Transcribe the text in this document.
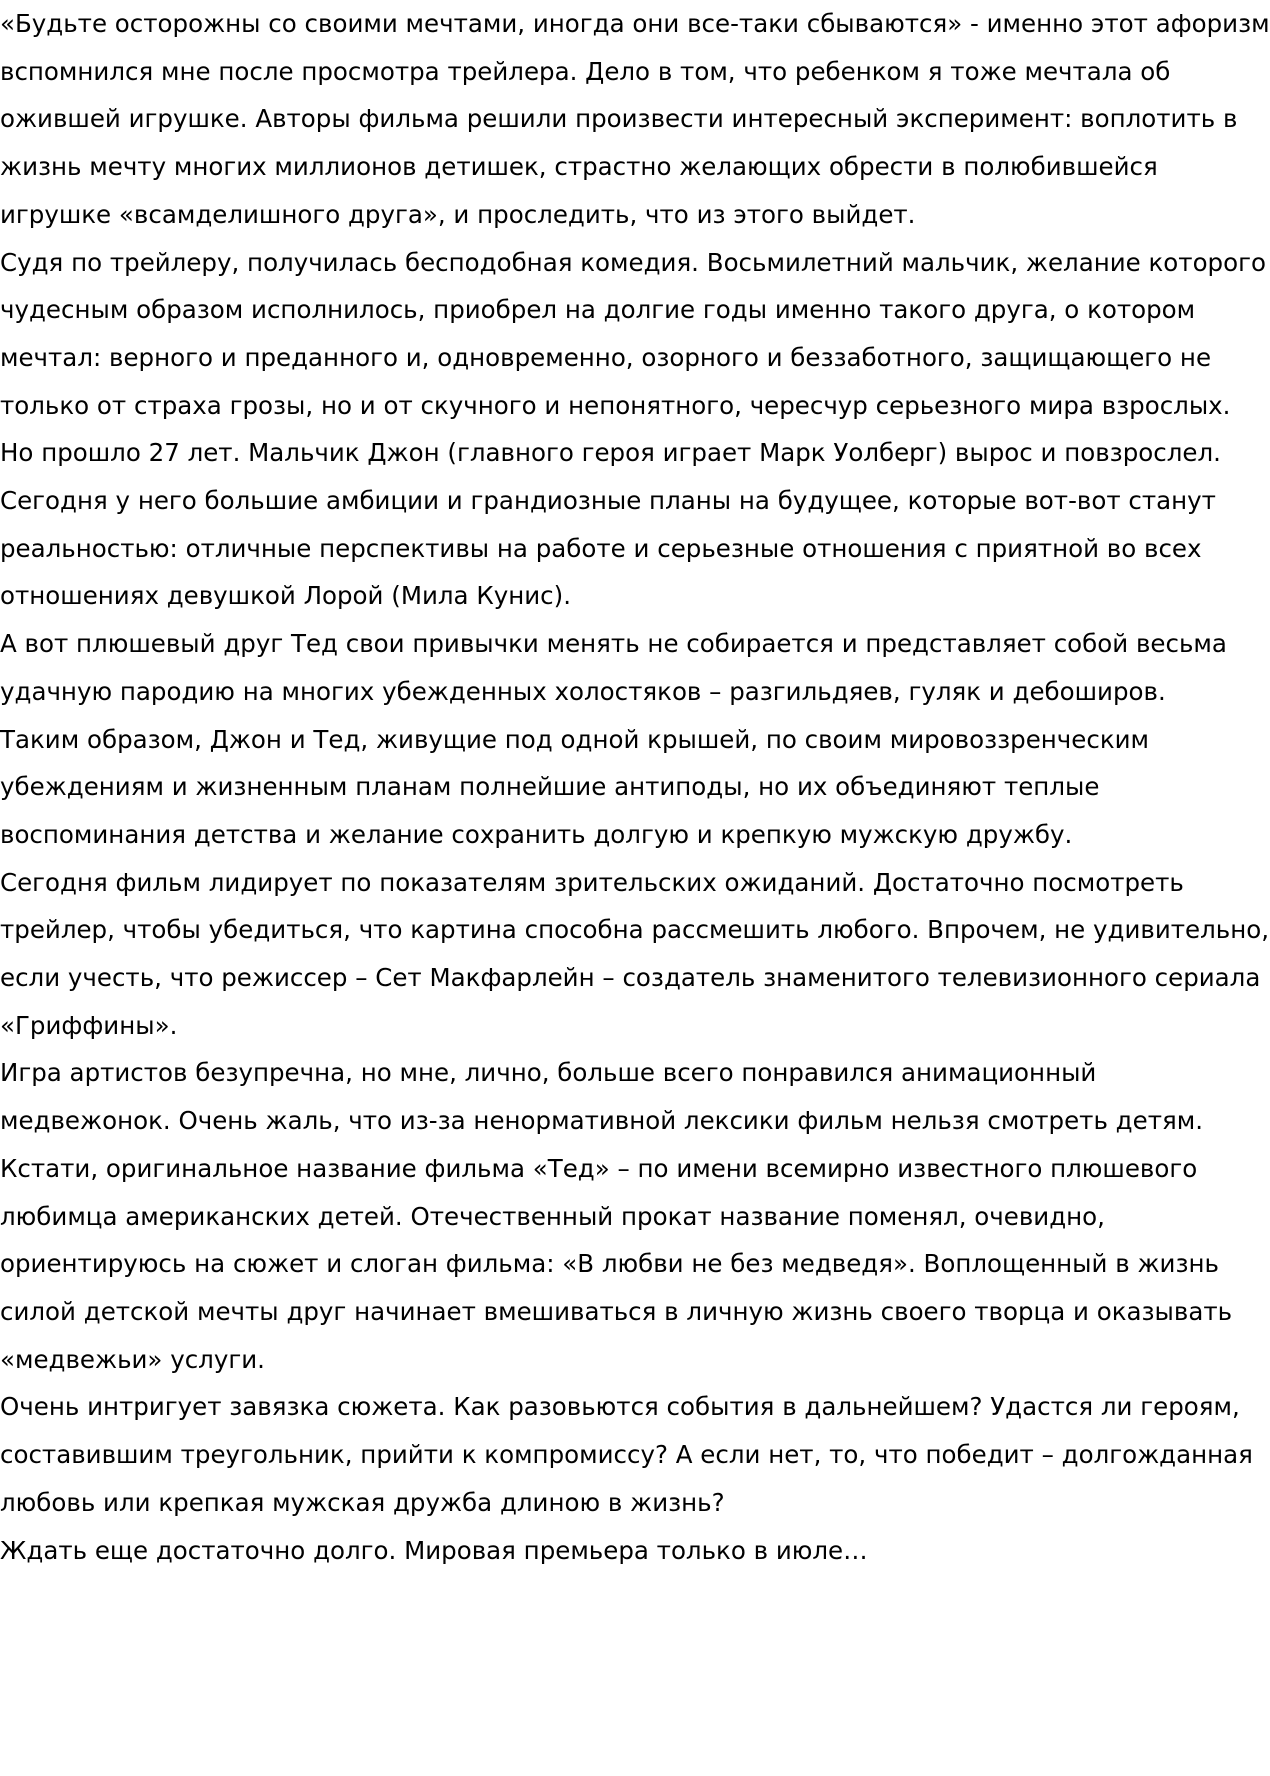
«Будьте осторожны со своими мечтами, иногда они все-таки сбываются» - именно этот афоризм вспомнился мне после просмотра трейлера. Дело в том, что ребенком я тоже мечтала об ожившей игрушке. Авторы фильма решили произвести интересный эксперимент: воплотить в жизнь мечту многих миллионов детишек, страстно желающих обрести в полюбившейся игрушке «всамделишного друга», и проследить, что из этого выйдет.

Судя по трейлеру, получилась бесподобная комедия. Восьмилетний мальчик, желание которого чудесным образом исполнилось, приобрел на долгие годы именно такого друга, о котором мечтал: верного и преданного и, одновременно, озорного и беззаботного, защищающего не только от страха грозы, но и от скучного и непонятного, чересчур серьезного мира взрослых.

Но прошло 27 лет. Мальчик Джон (главного героя играет Марк Уолберг) вырос и повзрослел. Сегодня у него большие амбиции и грандиозные планы на будущее, которые вот-вот станут реальностью: отличные перспективы на работе и серьезные отношения с приятной во всех отношениях девушкой Лорой (Мила Кунис).

А вот плюшевый друг Тед свои привычки менять не собирается и представляет собой весьма удачную пародию на многих убежденных холостяков – разгильдяев, гуляк и дебоширов.

Таким образом, Джон и Тед, живущие под одной крышей, по своим мировоззренческим убеждениям и жизненным планам полнейшие антиподы, но их объединяют теплые воспоминания детства и желание сохранить долгую и крепкую мужскую дружбу.

Сегодня фильм лидирует по показателям зрительских ожиданий. Достаточно посмотреть трейлер, чтобы убедиться, что картина способна рассмешить любого. Впрочем, не удивительно, если учесть, что режиссер – Сет Макфарлейн – создатель знаменитого телевизионного сериала «Гриффины».

Игра артистов безупречна, но мне, лично, больше всего понравился анимационный медвежонок. Очень жаль, что из-за ненормативной лексики фильм нельзя смотреть детям.

Кстати, оригинальное название фильма «Тед» – по имени всемирно известного плюшевого любимца американских детей. Отечественный прокат название поменял, очевидно, ориентируюсь на сюжет и слоган фильма: «В любви не без медведя». Воплощенный в жизнь силой детской мечты друг начинает вмешиваться в личную жизнь своего творца и оказывать «медвежьи» услуги.

Очень интригует завязка сюжета. Как разовьются события в дальнейшем? Удастся ли героям, составившим треугольник, прийти к компромиссу? А если нет, то, что победит – долгожданная любовь или крепкая мужская дружба длиною в жизнь?

Ждать еще достаточно долго. Мировая премьера только в июле…
